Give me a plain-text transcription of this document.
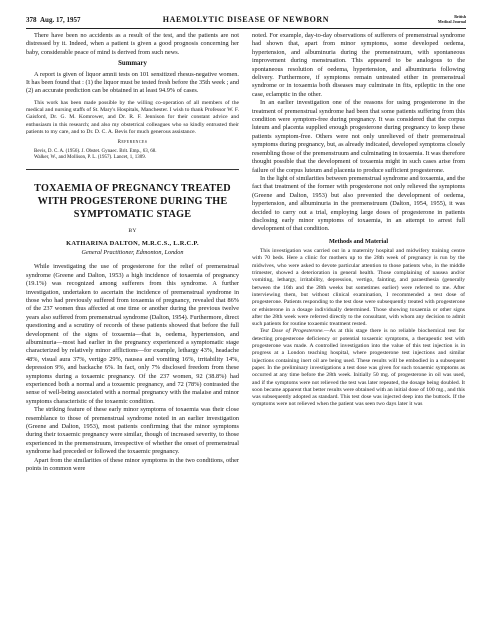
378 Aug. 17, 1957	HAEMOLYTIC DISEASE OF NEWBORN	British
Medical Journal

There have been no accidents as a result of the test, and the patients are not distressed by it. Indeed, when a patient is given a good prognosis concerning her baby, considerable peace of mind is derived from such news.

Summary

A report is given of liquor amnii tests on 101 sensitized rhesus-negative women. It has been found that : (1) the liquor must be tested fresh before the 35th week ; and (2) an accurate prediction can be obtained in at least 94.9% of cases.

This work has been made possible by the willing co-operation of all members of the medical and nursing staffs of St. Mary's Hospitals, Manchester. I wish to thank Professor W. F. Gaisford, Dr. G. M. Komrower, and Dr. R. F. Jennison for their constant advice and enthusiasm in this research; and also my obstetrical colleagues who so kindly entrusted their patients to my care, and to Dr. D. C. A. Bevis for much generous assistance.

References

Bevis, D. C. A. (1956). J. Obstet. Gynaec. Brit. Emp., 63, 68.

Walker, W., and Mollison, P. L. (1957). Lancet, 1, 1309.

TOXAEMIA OF PREGNANCY TREATED WITH PROGESTERONE DURING THE SYMPTOMATIC STAGE
BY
KATHARINA DALTON, M.R.C.S., L.R.C.P.
General Practitioner, Edmonton, London

While investigating the use of progesterone for the relief of premenstrual syndrome (Greene and Dalton, 1953) a high incidence of toxaemia of pregnancy (19.1%) was recognized among sufferers from this syndrome. A further investigation, undertaken to ascertain the incidence of premenstrual syndrome in those who had previously suffered from toxaemia of pregnancy, revealed that 86% of the 237 women thus affected at one time or another during the previous twelve years also suffered from premenstrual syndrome (Dalton, 1954). Furthermore, direct questioning and a scrutiny of records of these patients showed that before the full development of the signs of toxaemia—that is, oedema, hypertension, and albuminuria—most had earlier in the pregnancy experienced a symptomatic stage characterized by relatively minor afflictions—for example, lethargy 43%, headache 48%, visual aura 37%, vertigo 29%, nausea and vomiting 16%, irritability 14%, depression 9%, and backache 6%. In fact, only 7% disclosed freedom from these symptoms during a toxaemic pregnancy. Of the 237 women, 92 (38.8%) had experienced both a normal and a toxaemic pregnancy, and 72 (78%) contrasted the sense of well-being associated with a normal pregnancy with the malaise and minor symptoms characteristic of the toxaemic condition.

The striking feature of these early minor symptoms of toxaemia was their close resemblance to those of premenstrual syndrome noted in an earlier investigation (Greene and Dalton, 1953), most patients confirming that the minor symptoms during their toxaemic pregnancy were similar, though of increased severity, to those experienced in the premenstruum, irrespective of whether the onset of premenstrual syndrome had preceded or followed the toxaemic pregnancy.

Apart from the similarities of these minor symptoms in the two conditions, other points in common were

noted. For example, day-to-day observations of sufferers of premenstrual syndrome had shown that, apart from minor symptoms, some developed oedema, hypertension, and albuminuria during the premenstruum, with spontaneous improvement during menstruation. This appeared to be analogous to the spontaneous resolution of oedema, hypertension, and albuminuria following delivery. Furthermore, if symptoms remain untreated either in premenstrual syndrome or in toxaemia both diseases may culminate in fits, epileptic in the one case, eclamptic in the other.

In an earlier investigation one of the reasons for using progesterone in the treatment of premenstrual syndrome had been that some patients suffering from this condition were symptom-free during pregnancy. It was considered that the corpus luteum and placenta supplied enough progesterone during pregnancy to keep these patients symptom-free. Others were not only unrelieved of their premenstrual symptoms during pregnancy, but, as already indicated, developed symptoms closely resembling those of the premenstruum and culminating in toxaemia. It was therefore thought possible that the development of toxaemia might in such cases arise from failure of the corpus luteum and placenta to produce sufficient progesterone.

In the light of similarities between premenstrual syndrome and toxaemia, and the fact that treatment of the former with progesterone not only relieved the symptoms (Greene and Dalton, 1953) but also prevented the development of oedema, hypertension, and albuminuria in the premenstruum (Dalton, 1954, 1955), it was decided to carry out a trial, employing large doses of progesterone in patients disclosing early minor symptoms of toxaemia, in an attempt to arrest full development of that condition.

Methods and Material

This investigation was carried out in a maternity hospital and midwifery training centre with 70 beds. Here a clinic for mothers up to the 28th week of pregnancy is run by the midwives, who were asked to devote particular attention to those patients who, in the middle trimester, showed a deterioration in general health. Those complaining of nausea and/or vomiting, lethargy, irritability, depression, vertigo, fainting, and paraesthesia (generally between the 16th and the 28th weeks but sometimes earlier) were referred to me. After interviewing them, but without clinical examination, I recommended a test dose of progesterone. Patients responding to the test dose were subsequently treated with progesterone or ethisterone in a dosage individually determined. Those showing toxaemia or other signs after the 28th week were referred directly to the consultant, with whom any decision to admit such patients for routine toxaemic treatment rested.

Test Dose of Progesterone.—As at this stage there is no reliable biochemical test for detecting progesterone deficiency or potential toxaemic symptoms, a therapeutic test with progesterone was made. A controlled investigation into the value of this test injection is in progress at a London teaching hospital, where progesterone test injections and similar injections containing inert oil are being used. These results will be embodied in a subsequent paper. In the preliminary investigations a test dose was given for such toxaemic symptoms as occurred at any time before the 28th week. Initially 50 mg. of progesterone in oil was used, and if the symptoms were not relieved the test was later repeated, the dosage being doubled. It soon became apparent that better results were obtained with an initial dose of 100 mg., and this was subsequently adopted as standard. This test dose was injected deep into the buttock. If the symptoms were not relieved when the patient was seen two days later it was
